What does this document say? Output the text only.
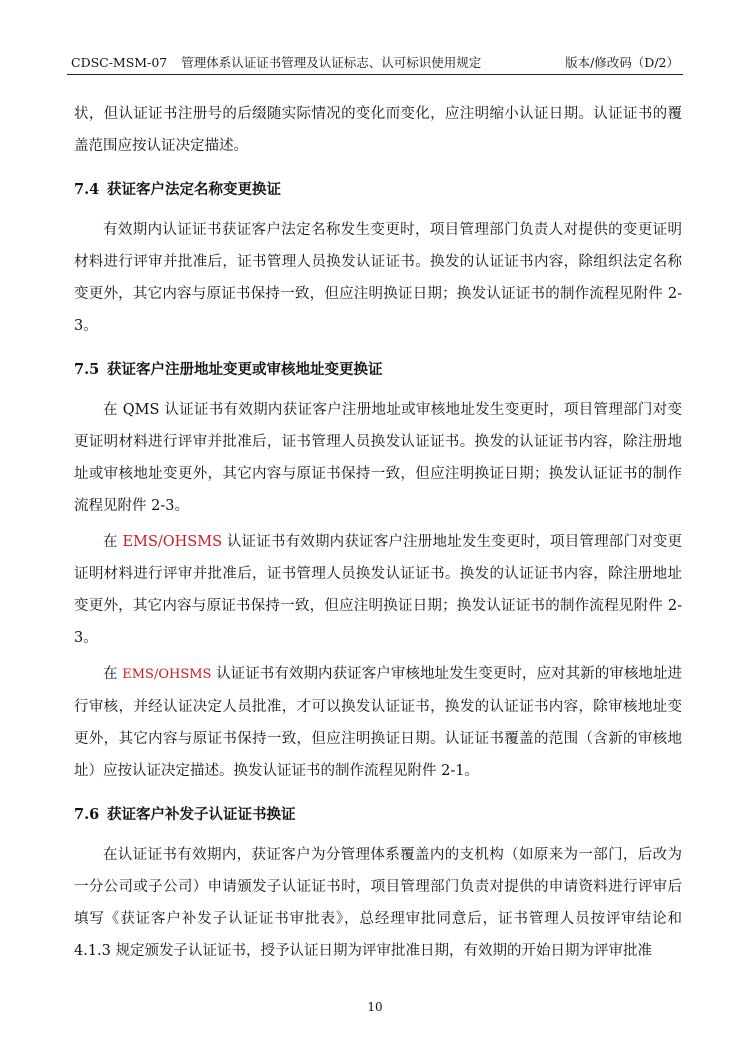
CDSC-MSM-07 管理体系认证证书管理及认证标志、认可标识使用规定	版本/修改码（D/2）

状，但认证证书注册号的后缀随实际情况的变化而变化，应注明缩小认证日期。认证证书的覆盖范围应按认证决定描述。

7.4 获证客户法定名称变更换证

有效期内认证证书获证客户法定名称发生变更时，项目管理部门负责人对提供的变更证明材料进行评审并批准后，证书管理人员换发认证证书。换发的认证证书内容，除组织法定名称变更外，其它内容与原证书保持一致，但应注明换证日期；换发认证证书的制作流程见附件 2-3。

7.5 获证客户注册地址变更或审核地址变更换证

在 QMS 认证证书有效期内获证客户注册地址或审核地址发生变更时，项目管理部门对变更证明材料进行评审并批准后，证书管理人员换发认证证书。换发的认证证书内容，除注册地址或审核地址变更外，其它内容与原证书保持一致，但应注明换证日期；换发认证证书的制作流程见附件 2-3。

在 EMS/OHSMS 认证证书有效期内获证客户注册地址发生变更时，项目管理部门对变更证明材料进行评审并批准后，证书管理人员换发认证证书。换发的认证证书内容，除注册地址变更外，其它内容与原证书保持一致，但应注明换证日期；换发认证证书的制作流程见附件 2-3。

在 EMS/OHSMS 认证证书有效期内获证客户审核地址发生变更时，应对其新的审核地址进行审核，并经认证决定人员批准，才可以换发认证证书，换发的认证证书内容，除审核地址变更外，其它内容与原证书保持一致，但应注明换证日期。认证证书覆盖的范围（含新的审核地址）应按认证决定描述。换发认证证书的制作流程见附件 2-1。

7.6 获证客户补发子认证证书换证

在认证证书有效期内，获证客户为分管理体系覆盖内的支机构（如原来为一部门，后改为一分公司或子公司）申请颁发子认证证书时，项目管理部门负责对提供的申请资料进行评审后填写《获证客户补发子认证证书审批表》，总经理审批同意后，证书管理人员按评审结论和 4.1.3 规定颁发子认证证书，授予认证日期为评审批准日期，有效期的开始日期为评审批准

10
